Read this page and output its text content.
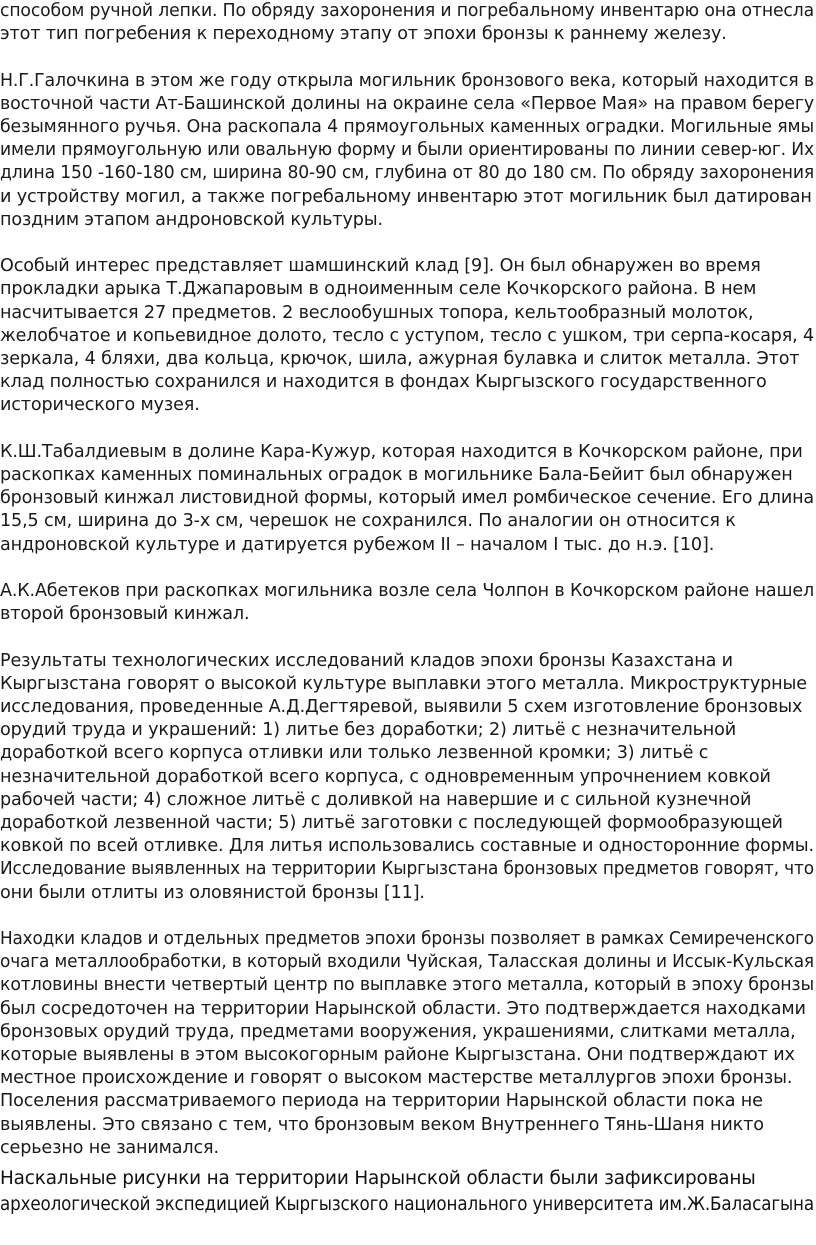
способом ручной лепки. По обряду захоронения и погребальному инвентарю она отнесла
этот тип погребения к переходному этапу от эпохи бронзы к раннему железу.
Н.Г.Галочкина в этом же году открыла могильник бронзового века, который находится в
восточной части Ат-Башинской долины на окраине села «Первое Мая» на правом берегу
безымянного ручья. Она раскопала 4 прямоугольных каменных оградки. Могильные ямы
имели прямоугольную или овальную форму и были ориентированы по линии север-юг. Их
длина 150 -160-180 см, ширина 80-90 см, глубина от 80 до 180 см. По обряду захоронения
и устройству могил, а также погребальному инвентарю этот могильник был датирован
поздним этапом андроновской культуры.
Особый интерес представляет шамшинский клад [9]. Он был обнаружен во время
прокладки арыка Т.Джапаровым в одноименным селе Кочкорского района. В нем
насчитывается 27 предметов. 2 веслообушных топора, кельтообразный молоток,
желобчатое и копьевидное долото, тесло с уступом, тесло с ушком, три серпа-косаря, 4
зеркала, 4 бляхи, два кольца, крючок, шила, ажурная булавка и слиток металла. Этот
клад полностью сохранился и находится в фондах Кыргызского государственного
исторического музея.
К.Ш.Табалдиевым в долине Кара-Кужур, которая находится в Кочкорском районе, при
раскопках каменных поминальных оградок в могильнике Бала-Бейит был обнаружен
бронзовый кинжал листовидной формы, который имел ромбическое сечение. Его длина
15,5 см, ширина до 3-х см, черешок не сохранился. По аналогии он относится к
андроновской культуре и датируется рубежом II – началом I тыс. до н.э. [10].
А.К.Абетеков при раскопках могильника возле села Чолпон в Кочкорском районе нашел
второй бронзовый кинжал.
Результаты технологических исследований кладов эпохи бронзы Казахстана и
Кыргызстана говорят о высокой культуре выплавки этого металла. Микроструктурные
исследования, проведенные А.Д.Дегтяревой, выявили 5 схем изготовление бронзовых
орудий труда и украшений: 1) литье без доработки; 2) литьё с незначительной
доработкой всего корпуса отливки или только лезвенной кромки; 3) литьё с
незначительной доработкой всего корпуса, с одновременным упрочнением ковкой
рабочей части; 4) сложное литьё с доливкой на навершие и с сильной кузнечной
доработкой лезвенной части; 5) литьё заготовки с последующей формообразующей
ковкой по всей отливке. Для литья использовались составные и односторонние формы.
Исследование выявленных на территории Кыргызстана бронзовых предметов говорят, что
они были отлиты из оловянистой бронзы [11].
Находки кладов и отдельных предметов эпохи бронзы позволяет в рамках Семиреченского
очага металлообработки, в который входили Чуйская, Таласская долины и Иссык-Кульская
котловины внести четвертый центр по выплавке этого металла, который в эпоху бронзы
был сосредоточен на территории Нарынской области. Это подтверждается находками
бронзовых орудий труда, предметами вооружения, украшениями, слитками металла,
которые выявлены в этом высокогорным районе Кыргызстана. Они подтверждают их
местное происхождение и говорят о высоком мастерстве металлургов эпохи бронзы.
Поселения рассматриваемого периода на территории Нарынской области пока не
выявлены. Это связано с тем, что бронзовым веком Внутреннего Тянь-Шаня никто
серьезно не занимался.
Наскальные рисунки на территории Нарынской области были зафиксированы
археологической экспедицией Кыргызского национального университета им.Ж.Баласагына
